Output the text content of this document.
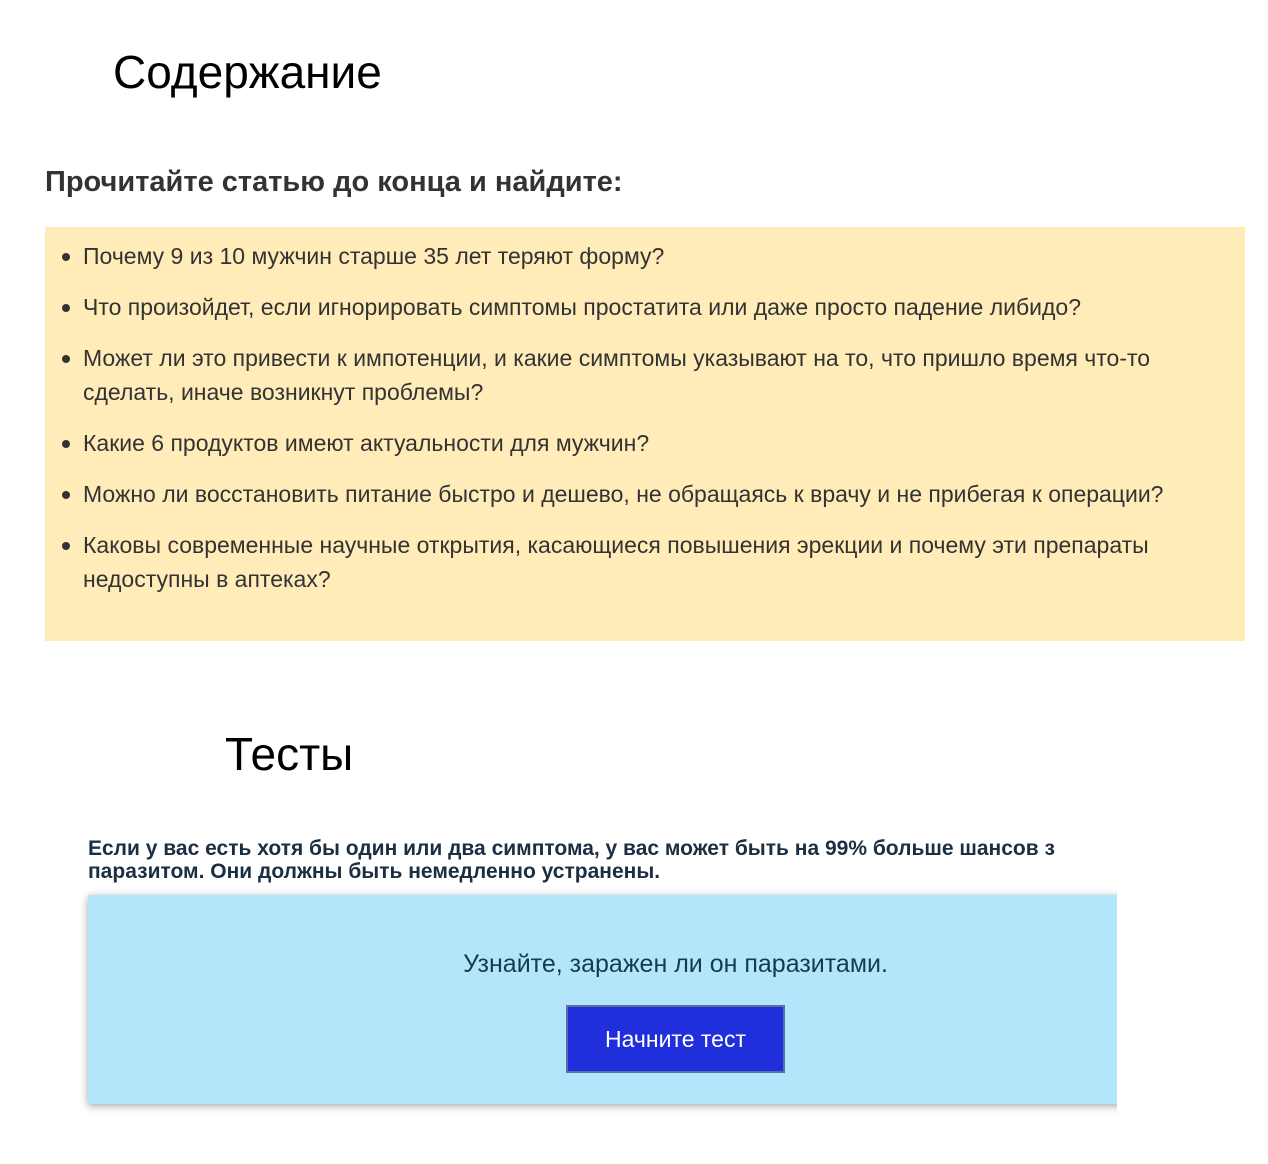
Содержание
Прочитайте статью до конца и найдите:
Почему 9 из 10 мужчин старше 35 лет теряют форму?
Что произойдет, если игнорировать симптомы простатита или даже просто падение либидо?
Может ли это привести к импотенции, и какие симптомы указывают на то, что пришло время что-то сделать, иначе возникнут проблемы?
Какие 6 продуктов имеют актуальности для мужчин?
Можно ли восстановить питание быстро и дешево, не обращаясь к врачу и не прибегая к операции?
Каковы современные научные открытия, касающиеся повышения эрекции и почему эти препараты недоступны в аптеках?
Тесты

Если у вас есть хотя бы один или два симптома, у вас может быть на 99% больше шансов з
паразитом. Они должны быть немедленно устранены.

Узнайте, заражен ли он паразитами.

Начните тест
